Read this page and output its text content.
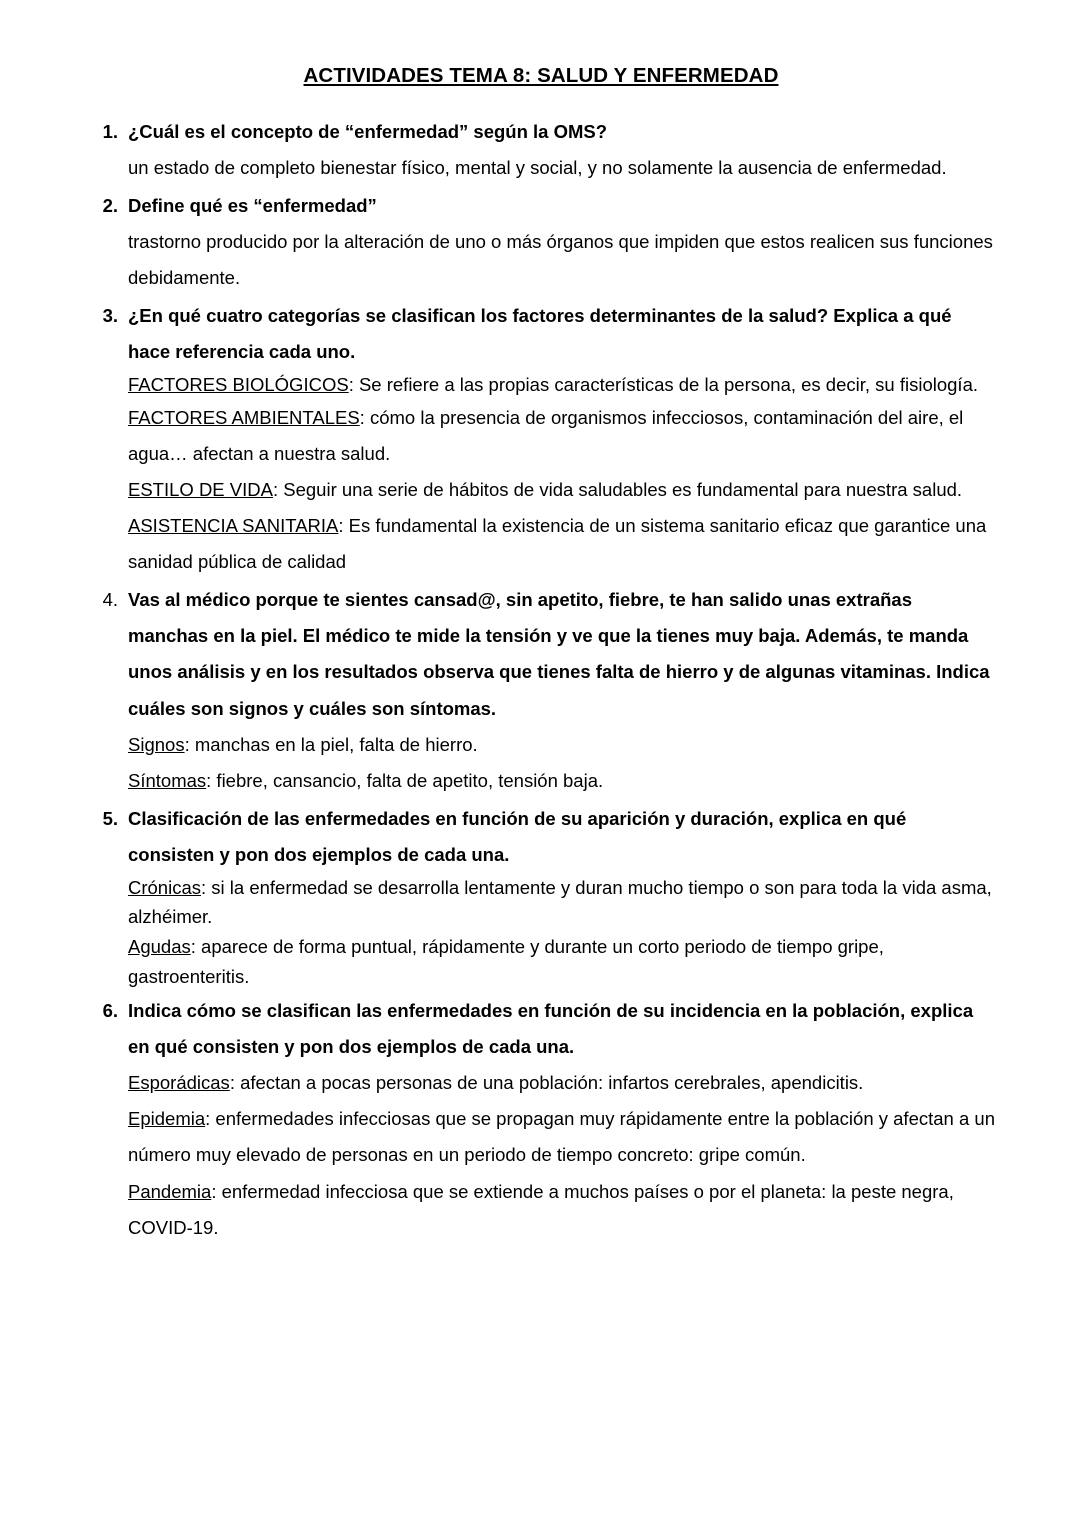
ACTIVIDADES TEMA 8: SALUD Y ENFERMEDAD
1. ¿Cuál es el concepto de “enfermedad” según la OMS?

un estado de completo bienestar físico, mental y social, y no solamente la ausencia de enfermedad.

2. Define qué es “enfermedad”

trastorno producido por la alteración de uno o más órganos que impiden que estos realicen sus funciones debidamente.

3. ¿En qué cuatro categorías se clasifican los factores determinantes de la salud? Explica a qué hace referencia cada uno.

FACTORES BIOLÓGICOS: Se refiere a las propias características de la persona, es decir, su fisiología.

FACTORES AMBIENTALES: cómo la presencia de organismos infecciosos, contaminación del aire, el agua… afectan a nuestra salud.

ESTILO DE VIDA: Seguir una serie de hábitos de vida saludables es fundamental para nuestra salud.

ASISTENCIA SANITARIA: Es fundamental la existencia de un sistema sanitario eficaz que garantice una sanidad pública de calidad

4. Vas al médico porque te sientes cansad@, sin apetito, fiebre, te han salido unas extrañas manchas en la piel. El médico te mide la tensión y ve que la tienes muy baja. Además, te manda unos análisis y en los resultados observa que tienes falta de hierro y de algunas vitaminas. Indica cuáles son signos y cuáles son síntomas.

Signos: manchas en la piel, falta de hierro.

Síntomas: fiebre, cansancio, falta de apetito, tensión baja.

5. Clasificación de las enfermedades en función de su aparición y duración, explica en qué consisten y pon dos ejemplos de cada una.

Crónicas: si la enfermedad se desarrolla lentamente y duran mucho tiempo o son para toda la vida asma, alzhéimer.

Agudas: aparece de forma puntual, rápidamente y durante un corto periodo de tiempo gripe, gastroenteritis.

6. Indica cómo se clasifican las enfermedades en función de su incidencia en la población, explica en qué consisten y pon dos ejemplos de cada una.

Esporádicas: afectan a pocas personas de una población: infartos cerebrales, apendicitis.

Epidemia: enfermedades infecciosas que se propagan muy rápidamente entre la población y afectan a un número muy elevado de personas en un periodo de tiempo concreto: gripe común.

Pandemia: enfermedad infecciosa que se extiende a muchos países o por el planeta: la peste negra, COVID-19.
